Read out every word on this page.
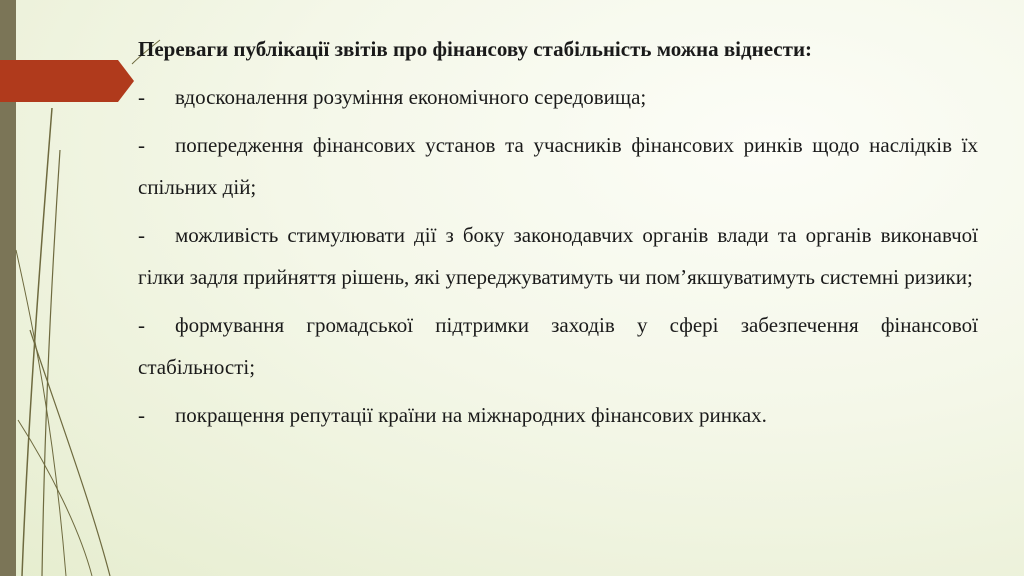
Переваги публікації звітів про фінансову стабільність можна віднести:

- вдосконалення розуміння економічного середовища;

- попередження фінансових установ та учасників фінансових ринків щодо наслідків їх спільних дій;

- можливість стимулювати дії з боку законодавчих органів влади та органів виконавчої гілки задля прийняття рішень, які упереджуватимуть чи пом’якшуватимуть системні ризики;

- формування громадської підтримки заходів у сфері забезпечення фінансової стабільності;

- покращення репутації країни на міжнародних фінансових ринках.
